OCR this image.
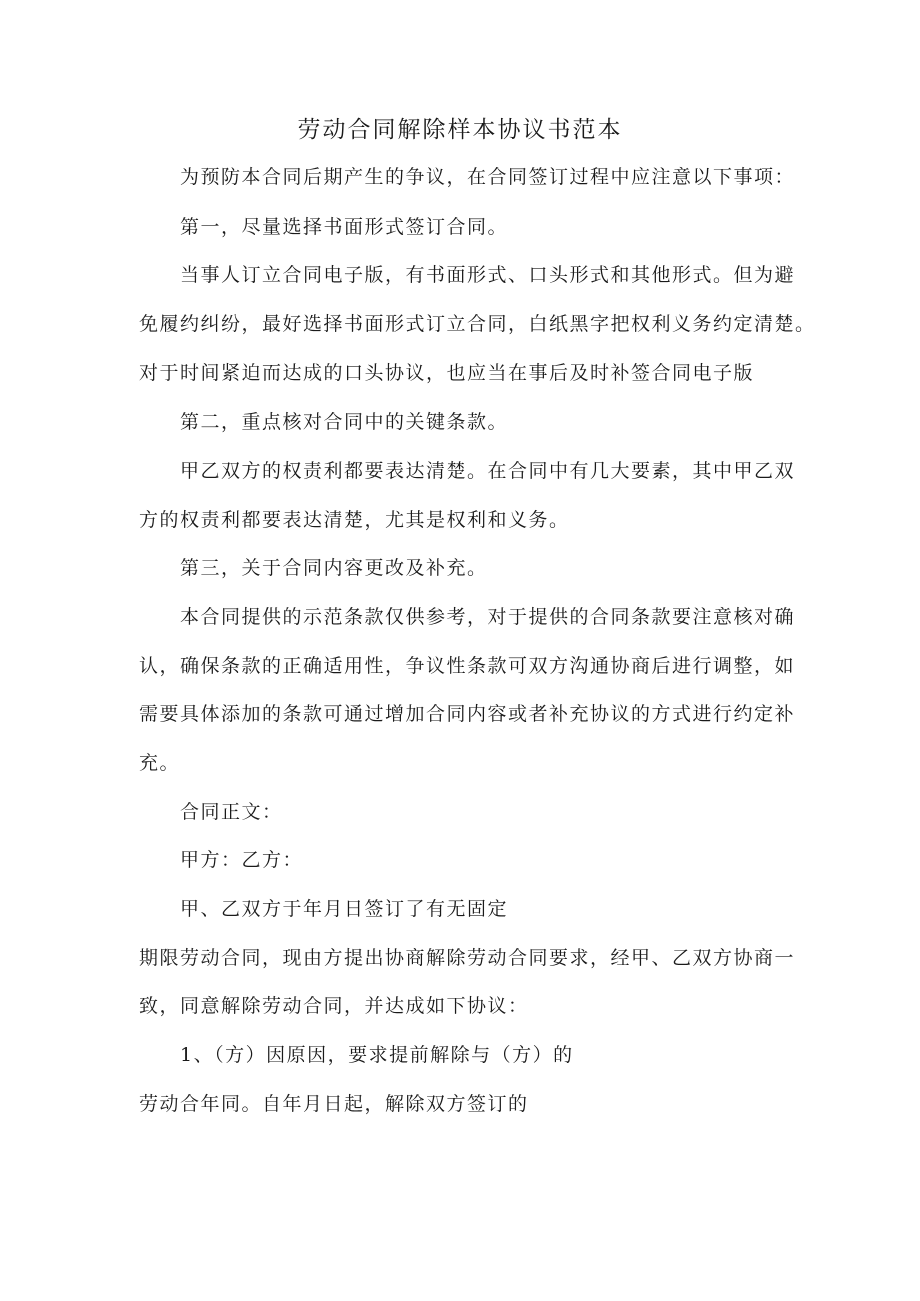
劳动合同解除样本协议书范本
为预防本合同后期产生的争议，在合同签订过程中应注意以下事项：
第一，尽量选择书面形式签订合同。
当事人订立合同电子版，有书面形式、口头形式和其他形式。但为避
免履约纠纷，最好选择书面形式订立合同，白纸黑字把权利义务约定清楚。
对于时间紧迫而达成的口头协议，也应当在事后及时补签合同电子版
第二，重点核对合同中的关键条款。
甲乙双方的权责利都要表达清楚。在合同中有几大要素，其中甲乙双
方的权责利都要表达清楚，尤其是权利和义务。
第三，关于合同内容更改及补充。
本合同提供的示范条款仅供参考，对于提供的合同条款要注意核对确
认，确保条款的正确适用性，争议性条款可双方沟通协商后进行调整，如
需要具体添加的条款可通过增加合同内容或者补充协议的方式进行约定补
充。
合同正文：
甲方：乙方：
甲、乙双方于年月日签订了有无固定
期限劳动合同，现由方提出协商解除劳动合同要求，经甲、乙双方协商一
致，同意解除劳动合同，并达成如下协议：
1、（方）因原因，要求提前解除与（方）的
劳动合年同。自年月日起，解除双方签订的
